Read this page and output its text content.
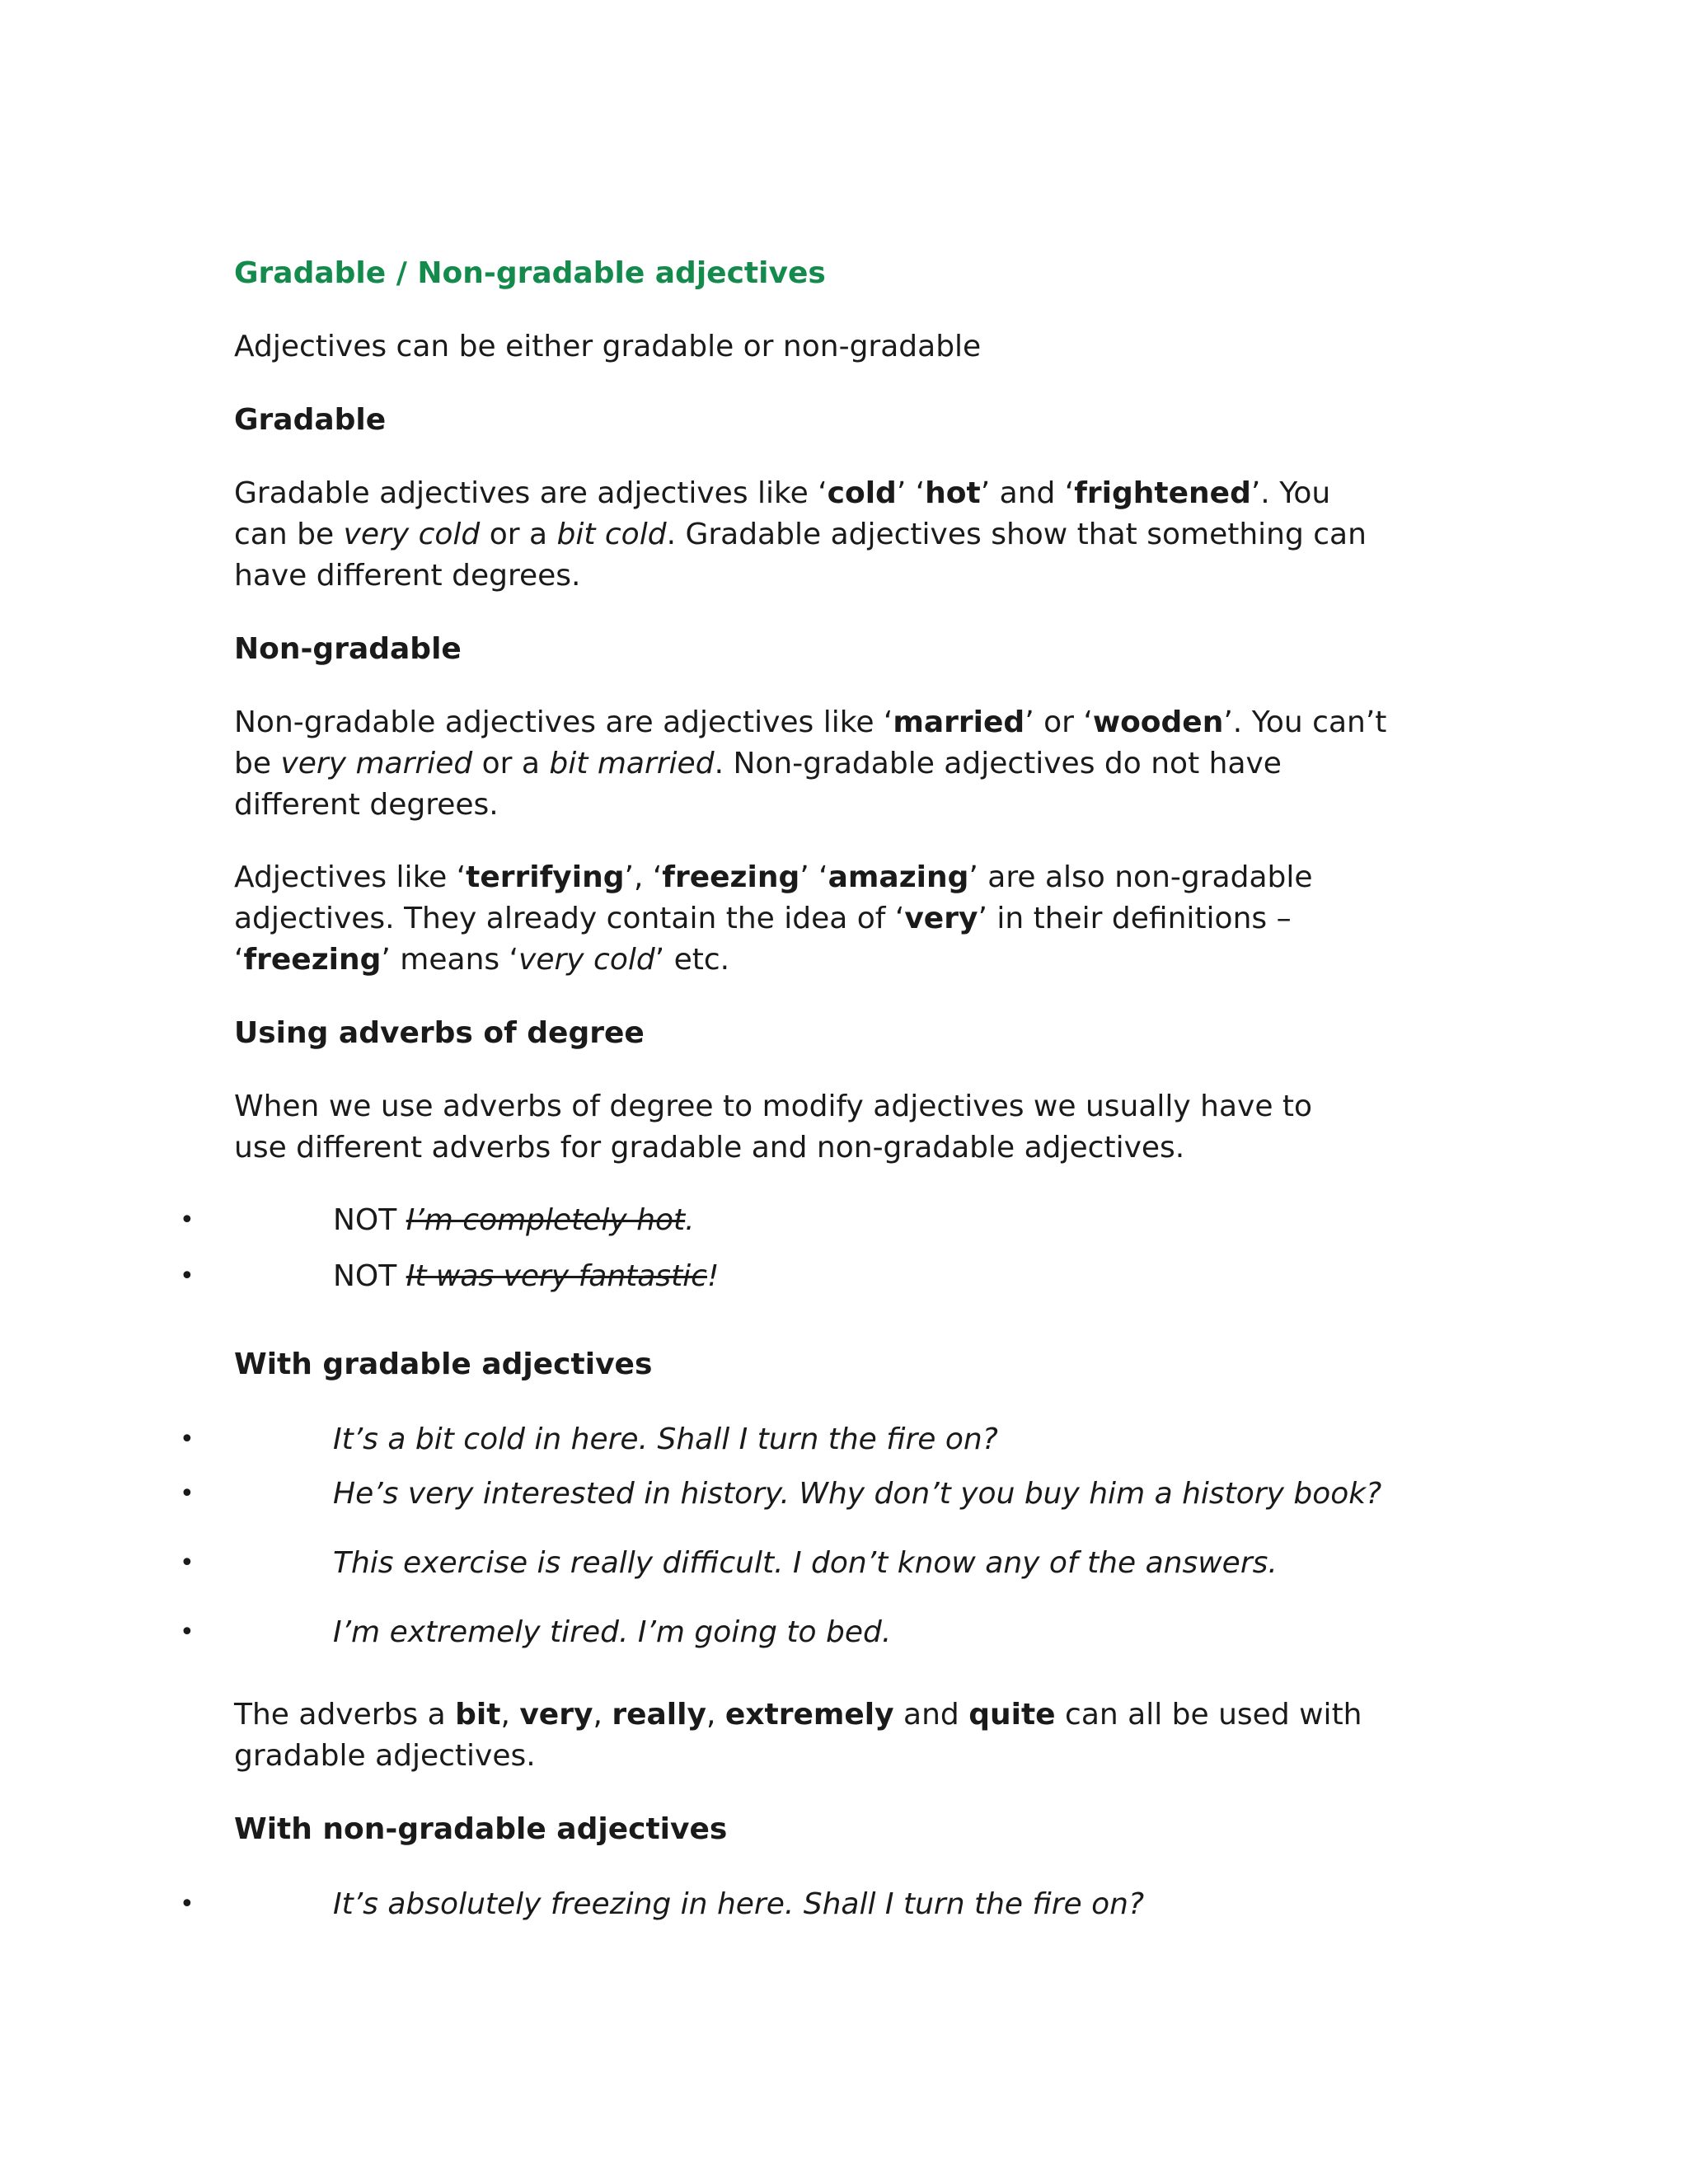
Gradable / Non-gradable adjectives
Adjectives can be either gradable or non-gradable
Gradable
Gradable adjectives are adjectives like ‘cold’ ‘hot’ and ‘frightened’. You can be very cold or a bit cold. Gradable adjectives show that something can have different degrees.
Non-gradable
Non-gradable adjectives are adjectives like ‘married’ or ‘wooden’. You can’t be very married or a bit married. Non-gradable adjectives do not have different degrees.
Adjectives like ‘terrifying’, ‘freezing’ ‘amazing’ are also non-gradable adjectives. They already contain the idea of ‘very’ in their definitions – ‘freezing’ means ‘very cold’ etc.
Using adverbs of degree
When we use adverbs of degree to modify adjectives we usually have to use different adverbs for gradable and non-gradable adjectives.
•	NOT I’m completely hot.
•	NOT It was very fantastic!
With gradable adjectives
•	It’s a bit cold in here. Shall I turn the fire on?
•	He’s very interested in history. Why don’t you buy him a history book?
•	This exercise is really difficult. I don’t know any of the answers.
•	I’m extremely tired. I’m going to bed.
The adverbs a bit, very, really, extremely and quite can all be used with gradable adjectives.
With non-gradable adjectives
•	It’s absolutely freezing in here. Shall I turn the fire on?
